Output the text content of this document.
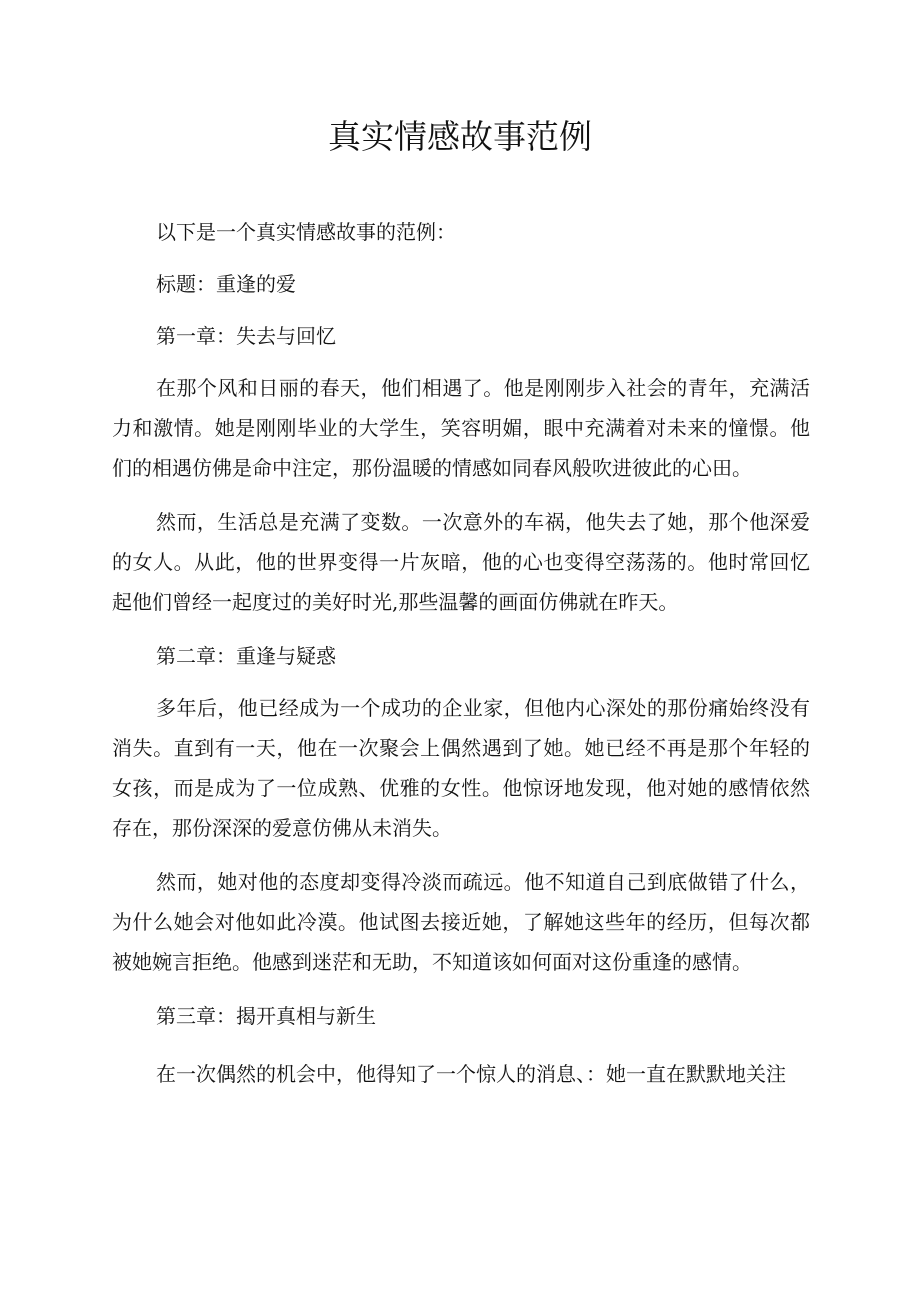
真实情感故事范例

以下是一个真实情感故事的范例：

标题：重逢的爱

第一章：失去与回忆

在那个风和日丽的春天，他们相遇了。他是刚刚步入社会的青年，充满活力和激情。她是刚刚毕业的大学生，笑容明媚，眼中充满着对未来的憧憬。他们的相遇仿佛是命中注定，那份温暖的情感如同春风般吹进彼此的心田。

然而，生活总是充满了变数。一次意外的车祸，他失去了她，那个他深爱的女人。从此，他的世界变得一片灰暗，他的心也变得空荡荡的。他时常回忆起他们曾经一起度过的美好时光,那些温馨的画面仿佛就在昨天。

第二章：重逢与疑惑

多年后，他已经成为一个成功的企业家，但他内心深处的那份痛始终没有消失。直到有一天，他在一次聚会上偶然遇到了她。她已经不再是那个年轻的女孩，而是成为了一位成熟、优雅的女性。他惊讶地发现，他对她的感情依然存在，那份深深的爱意仿佛从未消失。

然而，她对他的态度却变得冷淡而疏远。他不知道自己到底做错了什么，为什么她会对他如此冷漠。他试图去接近她，了解她这些年的经历，但每次都被她婉言拒绝。他感到迷茫和无助，不知道该如何面对这份重逢的感情。

第三章：揭开真相与新生

在一次偶然的机会中，他得知了一个惊人的消息、：她一直在默默地关注
